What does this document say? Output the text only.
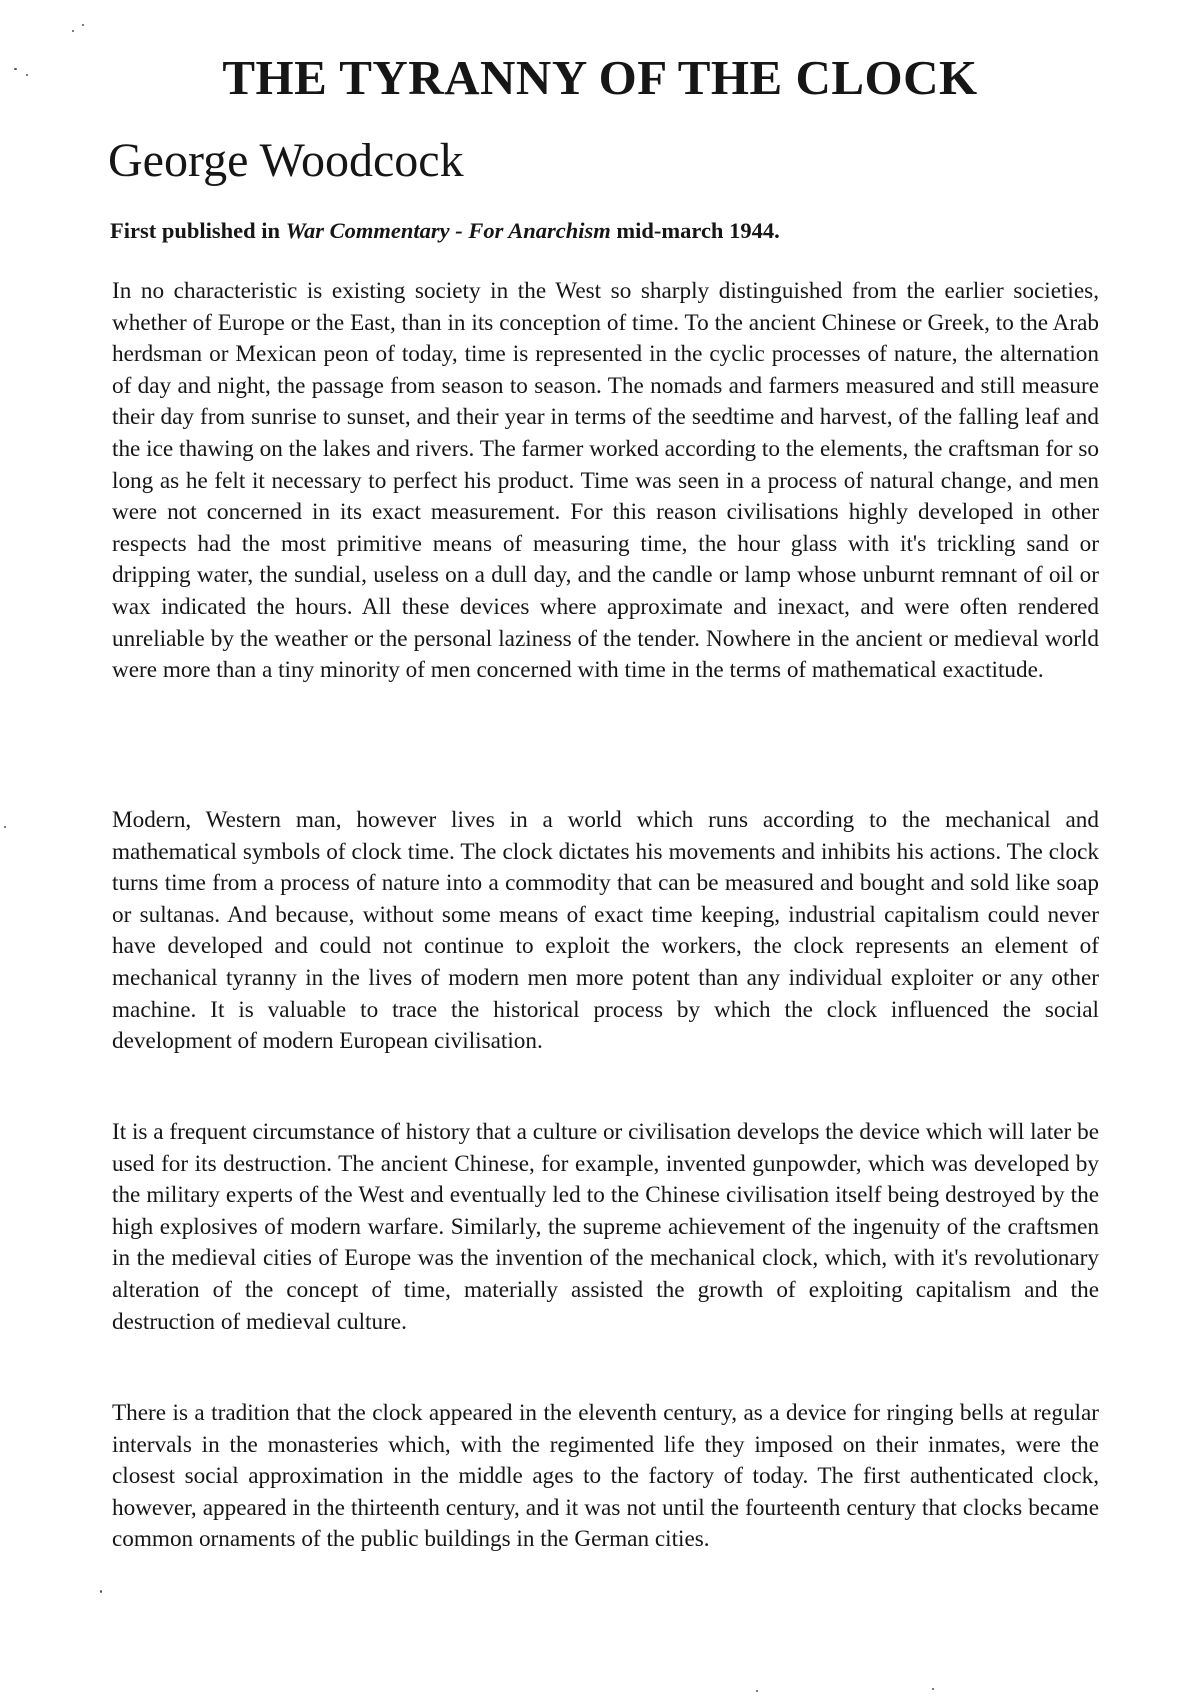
THE TYRANNY OF THE CLOCK
George Woodcock

First published in War Commentary - For Anarchism mid-march 1944.

In no characteristic is existing society in the West so sharply distinguished from the earlier societies, whether of Europe or the East, than in its conception of time. To the ancient Chinese or Greek, to the Arab herdsman or Mexican peon of today, time is represented in the cyclic processes of nature, the alternation of day and night, the passage from season to season. The nomads and farmers measured and still measure their day from sunrise to sunset, and their year in terms of the seedtime and harvest, of the falling leaf and the ice thawing on the lakes and rivers. The farmer worked according to the elements, the craftsman for so long as he felt it necessary to perfect his product. Time was seen in a process of natural change, and men were not concerned in its exact measurement. For this reason civilisations highly developed in other respects had the most primitive means of measuring time, the hour glass with it's trickling sand or dripping water, the sundial, useless on a dull day, and the candle or lamp whose unburnt remnant of oil or wax indicated the hours. All these devices where approximate and inexact, and were often rendered unreliable by the weather or the personal laziness of the tender. Nowhere in the ancient or medieval world were more than a tiny minority of men concerned with time in the terms of mathematical exactitude.

Modern, Western man, however lives in a world which runs according to the mechanical and mathematical symbols of clock time. The clock dictates his movements and inhibits his actions. The clock turns time from a process of nature into a commodity that can be measured and bought and sold like soap or sultanas. And because, without some means of exact time keeping, industrial capitalism could never have developed and could not continue to exploit the workers, the clock represents an element of mechanical tyranny in the lives of modern men more potent than any individual exploiter or any other machine. It is valuable to trace the historical process by which the clock influenced the social development of modern European civilisation.

It is a frequent circumstance of history that a culture or civilisation develops the device which will later be used for its destruction. The ancient Chinese, for example, invented gunpowder, which was developed by the military experts of the West and eventually led to the Chinese civilisation itself being destroyed by the high explosives of modern warfare. Similarly, the supreme achievement of the ingenuity of the craftsmen in the medieval cities of Europe was the invention of the mechanical clock, which, with it's revolutionary alteration of the concept of time, materially assisted the growth of exploiting capitalism and the destruction of medieval culture.

There is a tradition that the clock appeared in the eleventh century, as a device for ringing bells at regular intervals in the monasteries which, with the regimented life they imposed on their inmates, were the closest social approximation in the middle ages to the factory of today. The first authenticated clock, however, appeared in the thirteenth century, and it was not until the fourteenth century that clocks became common ornaments of the public buildings in the German cities.
